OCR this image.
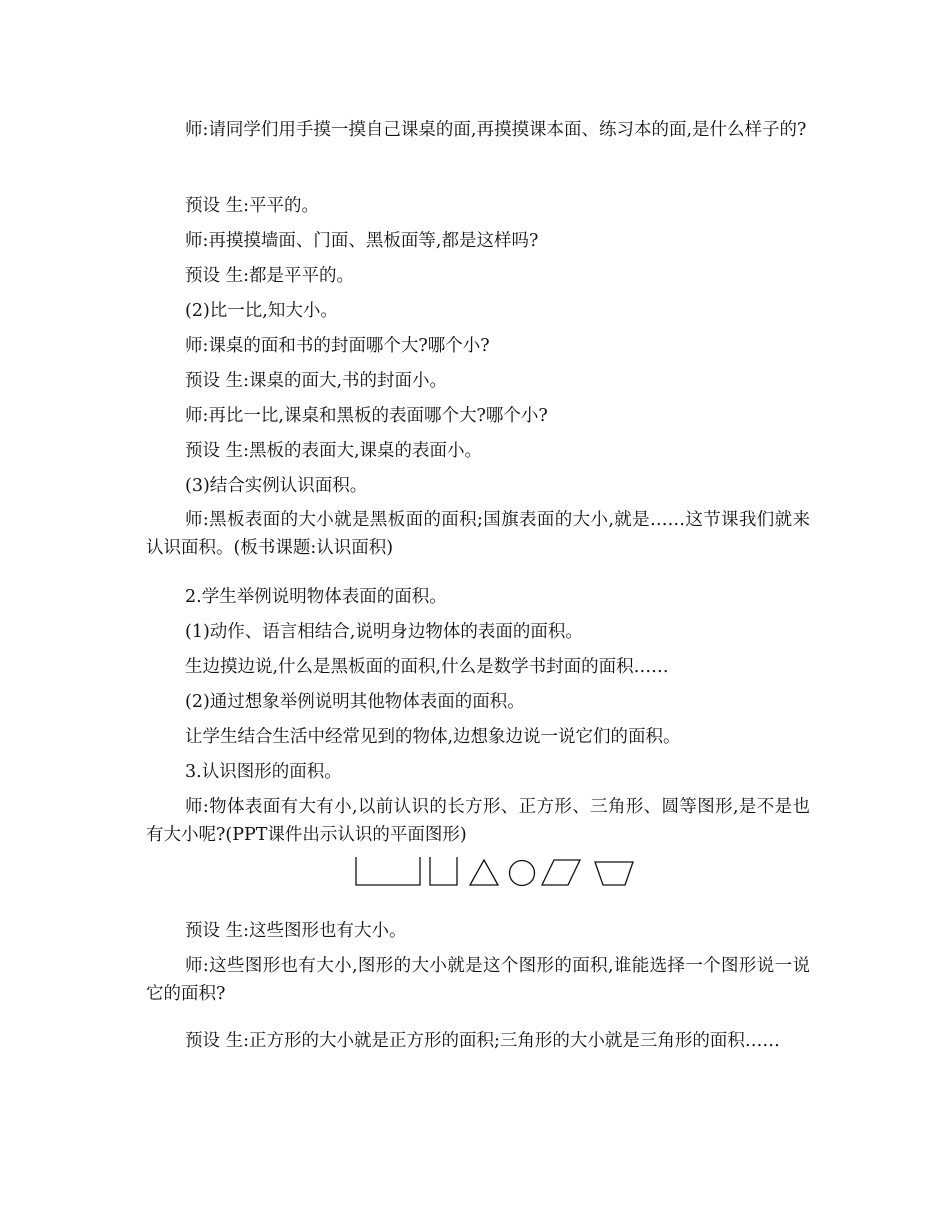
师:请同学们用手摸一摸自己课桌的面,再摸摸课本面、练习本的面,是什么样子的?

预设 生:平平的。

师:再摸摸墙面、门面、黑板面等,都是这样吗?

预设 生:都是平平的。

(2)比一比,知大小。

师:课桌的面和书的封面哪个大?哪个小?

预设 生:课桌的面大,书的封面小。

师:再比一比,课桌和黑板的表面哪个大?哪个小?

预设 生:黑板的表面大,课桌的表面小。

(3)结合实例认识面积。

师:黑板表面的大小就是黑板面的面积;国旗表面的大小,就是……这节课我们就来认识面积。(板书课题:认识面积)

2.学生举例说明物体表面的面积。

(1)动作、语言相结合,说明身边物体的表面的面积。

生边摸边说,什么是黑板面的面积,什么是数学书封面的面积……

(2)通过想象举例说明其他物体表面的面积。

让学生结合生活中经常见到的物体,边想象边说一说它们的面积。

3.认识图形的面积。

师:物体表面有大有小,以前认识的长方形、正方形、三角形、圆等图形,是不是也有大小呢?(PPT课件出示认识的平面图形)

预设 生:这些图形也有大小。

师:这些图形也有大小,图形的大小就是这个图形的面积,谁能选择一个图形说一说它的面积?

预设 生:正方形的大小就是正方形的面积;三角形的大小就是三角形的面积……
